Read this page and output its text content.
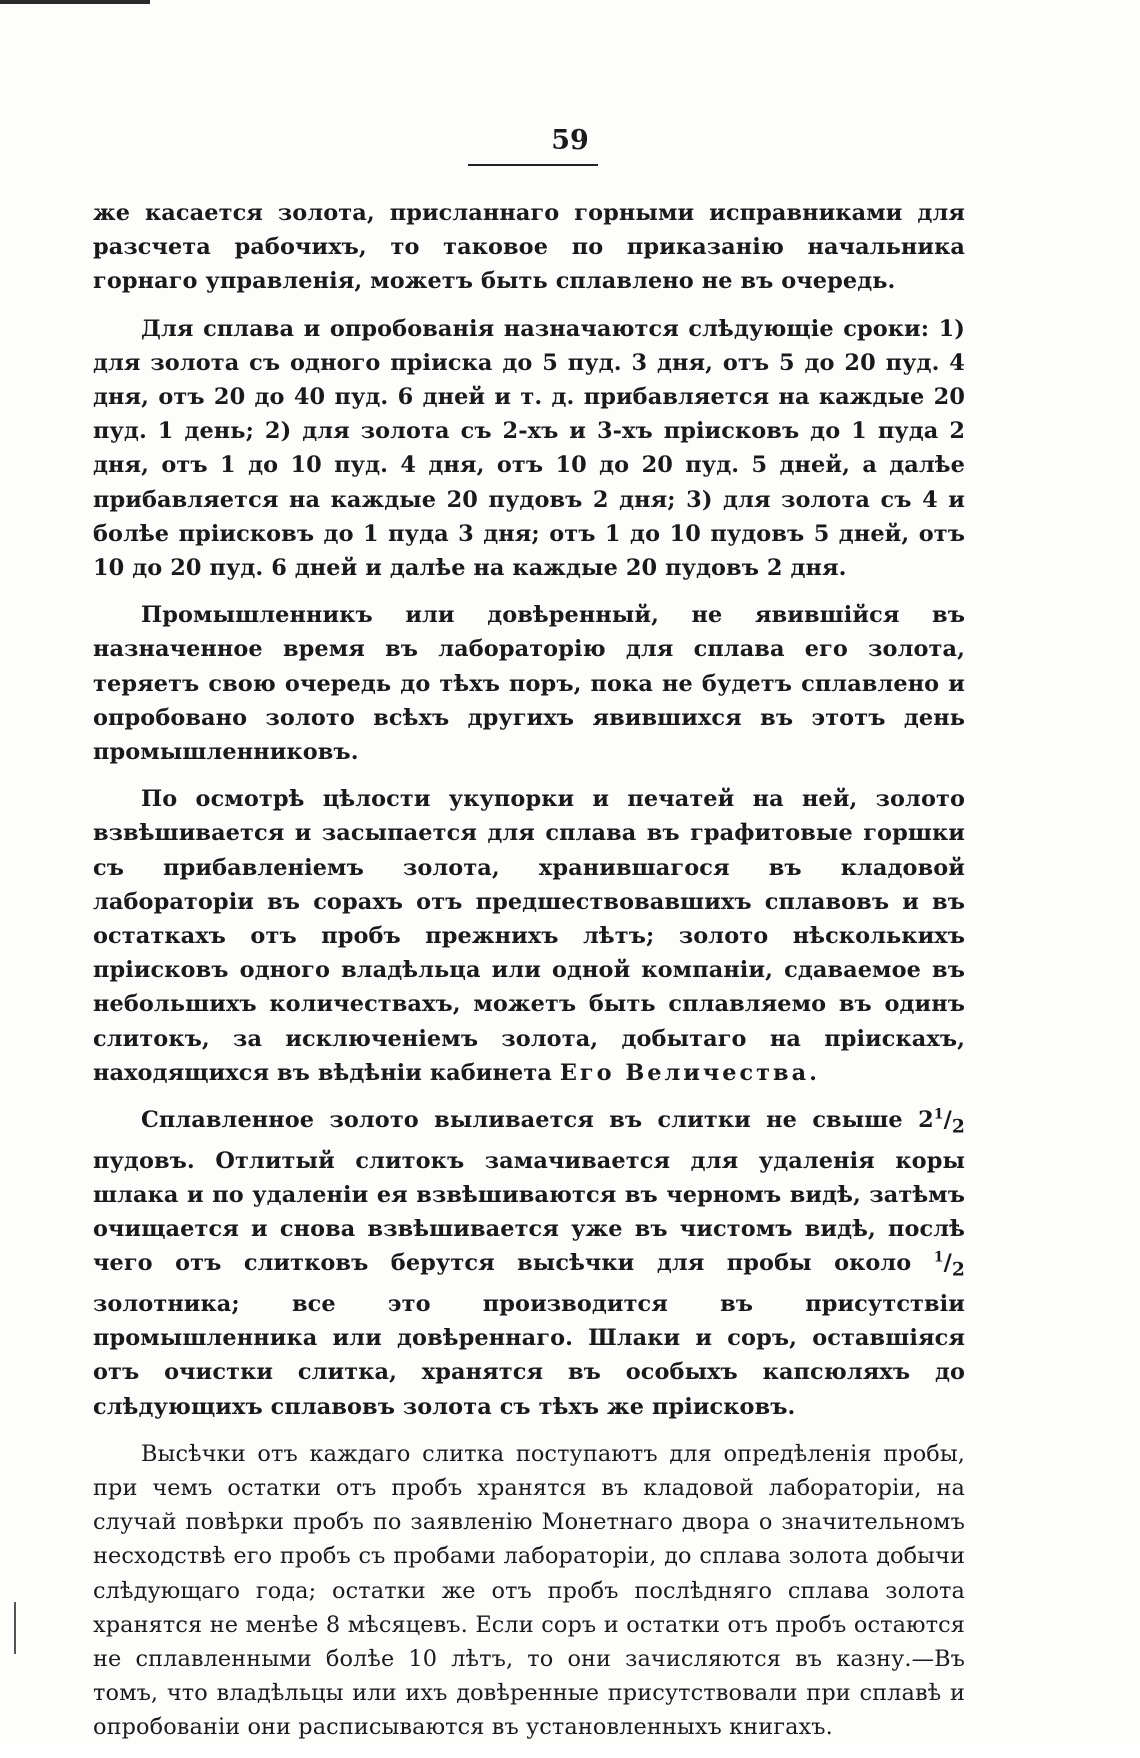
59

же касается золота, присланнаго горными исправниками для разсчета рабочихъ, то таковое по приказанію начальника горнаго управленія, можетъ быть сплавлено не въ очередь.

Для сплава и опробованія назначаются слѣдующіе сроки: 1) для золота съ одного пріиска до 5 пуд. 3 дня, отъ 5 до 20 пуд. 4 дня, отъ 20 до 40 пуд. 6 дней и т. д. прибавляется на каждые 20 пуд. 1 день; 2) для золота съ 2-хъ и 3-хъ пріисковъ до 1 пуда 2 дня, отъ 1 до 10 пуд. 4 дня, отъ 10 до 20 пуд. 5 дней, а далѣе прибавляется на каждые 20 пудовъ 2 дня; 3) для золота съ 4 и болѣе пріисковъ до 1 пуда 3 дня; отъ 1 до 10 пудовъ 5 дней, отъ 10 до 20 пуд. 6 дней и далѣе на каждые 20 пудовъ 2 дня.

Промышленникъ или довѣренный, не явившійся въ назначенное время въ лабораторію для сплава его золота, теряетъ свою очередь до тѣхъ поръ, пока не будетъ сплавлено и опробовано золото всѣхъ другихъ явившихся въ этотъ день промышленниковъ.

По осмотрѣ цѣлости укупорки и печатей на ней, золото взвѣшивается и засыпается для сплава въ графитовые горшки съ прибавленіемъ золота, хранившагося въ кладовой лабораторіи въ сорахъ отъ предшествовавшихъ сплавовъ и въ остаткахъ отъ пробъ прежнихъ лѣтъ; золото нѣсколькихъ пріисковъ одного владѣльца или одной компаніи, сдаваемое въ небольшихъ количествахъ, можетъ быть сплавляемо въ одинъ слитокъ, за исключеніемъ золота, добытаго на пріискахъ, находящихся въ вѣдѣніи кабинета Его Величества.

Сплавленное золото выливается въ слитки не свыше $2^1/_2$ пудовъ. Отлитый слитокъ замачивается для удаленія коры шлака и по удаленіи ея взвѣшиваются въ черномъ видѣ, затѣмъ очищается и снова взвѣшивается уже въ чистомъ видѣ, послѣ чего отъ слитковъ берутся высѣчки для пробы около $^1/_2$ золотника; все это производится въ присутствіи промышленника или довѣреннаго. Шлаки и соръ, оставшіяся отъ очистки слитка, хранятся въ особыхъ капсюляхъ до слѣдующихъ сплавовъ золота съ тѣхъ же пріисковъ.

Высѣчки отъ каждаго слитка поступаютъ для опредѣленія пробы, при чемъ остатки отъ пробъ хранятся въ кладовой лабораторіи, на случай повѣрки пробъ по заявленію Монетнаго двора о значительномъ несходствѣ его пробъ съ пробами лабораторіи, до сплава золота добычи слѣдующаго года; остатки же отъ пробъ послѣдняго сплава золота хранятся не менѣе 8 мѣсяцевъ. Если соръ и остатки отъ пробъ остаются не сплавленными болѣе 10 лѣтъ, то они зачисляются въ казну.—Въ томъ, что владѣльцы или ихъ довѣренные присутствовали при сплавѣ и опробованіи они расписываются въ установленныхъ книгахъ.
